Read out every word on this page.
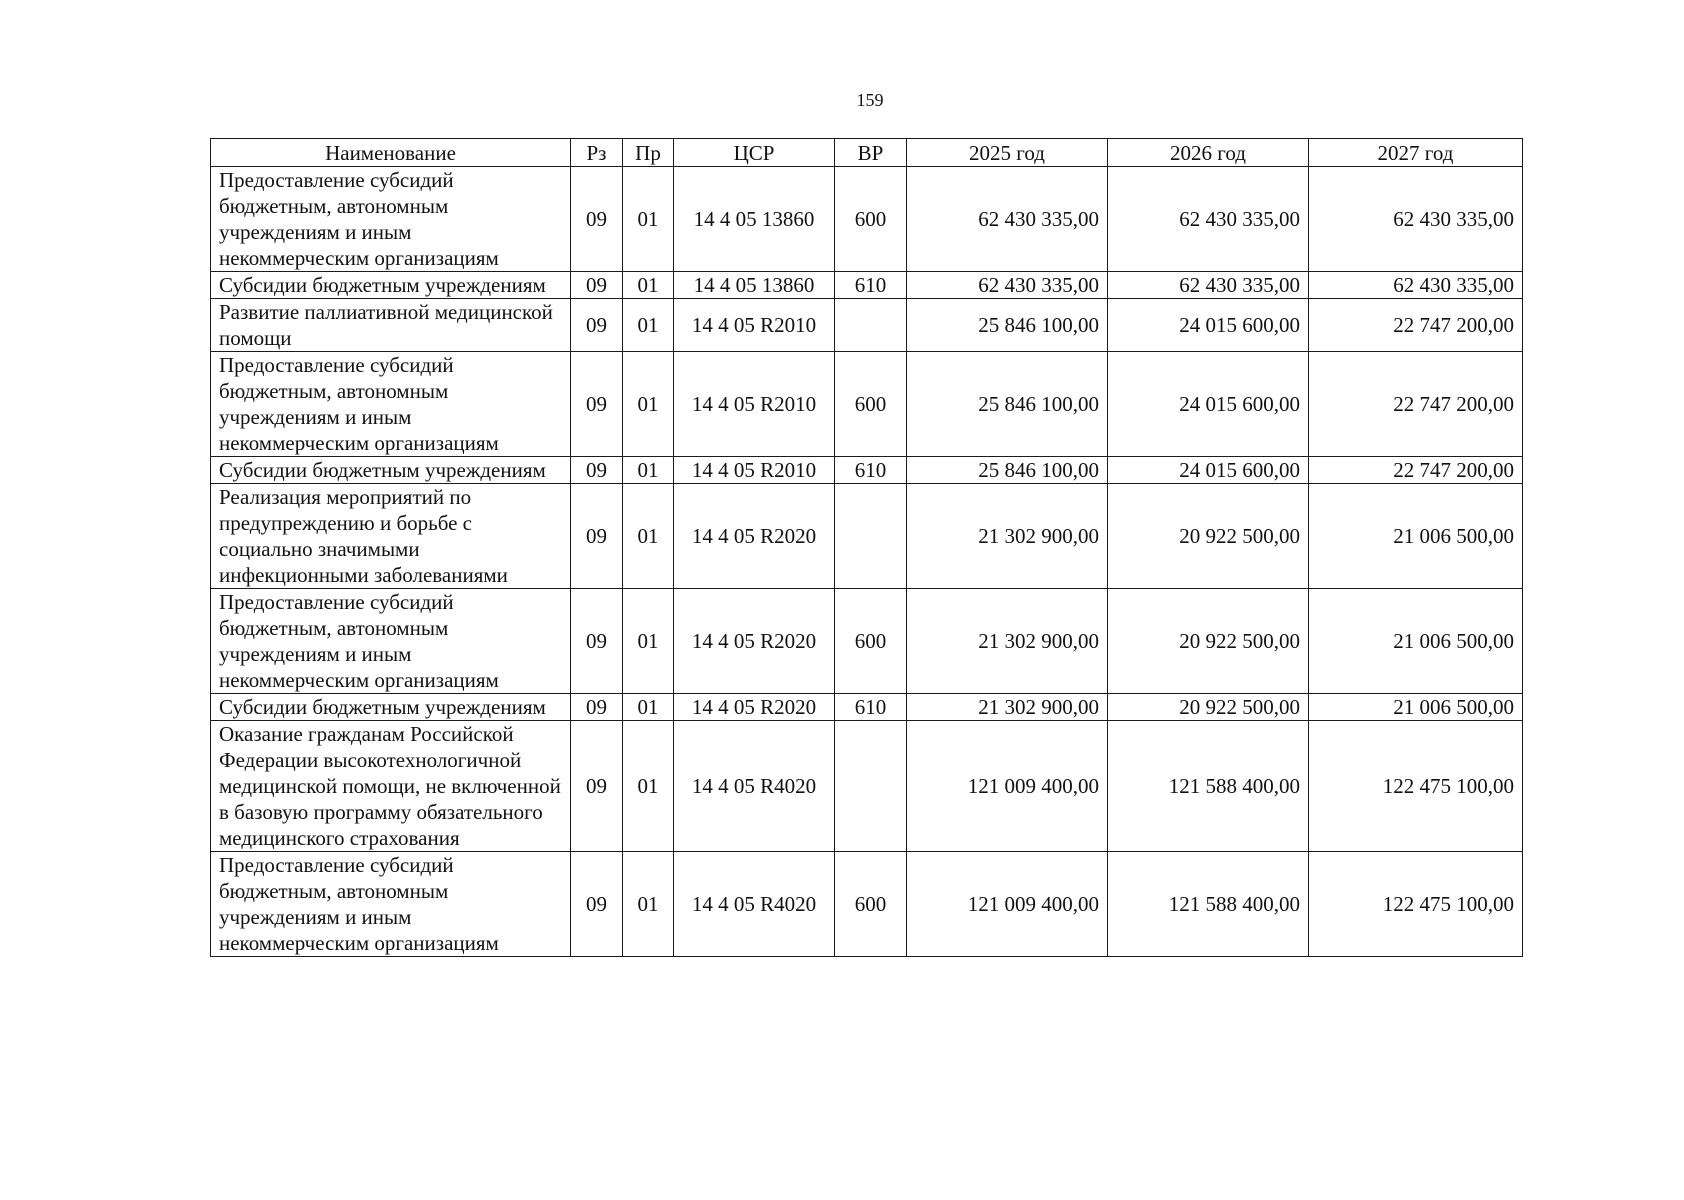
159
Наименование	Рз	Пр	ЦСР	ВР	2025 год	2026 год	2027 год
Предоставление субсидий бюджетным, автономным учреждениям и иным некоммерческим организациям	09	01	14 4 05 13860	600	62 430 335,00	62 430 335,00	62 430 335,00
Субсидии бюджетным учреждениям	09	01	14 4 05 13860	610	62 430 335,00	62 430 335,00	62 430 335,00
Развитие паллиативной медицинской помощи	09	01	14 4 05 R2010		25 846 100,00	24 015 600,00	22 747 200,00
Предоставление субсидий бюджетным, автономным учреждениям и иным некоммерческим организациям	09	01	14 4 05 R2010	600	25 846 100,00	24 015 600,00	22 747 200,00
Субсидии бюджетным учреждениям	09	01	14 4 05 R2010	610	25 846 100,00	24 015 600,00	22 747 200,00
Реализация мероприятий по предупреждению и борьбе с социально значимыми инфекционными заболеваниями	09	01	14 4 05 R2020		21 302 900,00	20 922 500,00	21 006 500,00
Предоставление субсидий бюджетным, автономным учреждениям и иным некоммерческим организациям	09	01	14 4 05 R2020	600	21 302 900,00	20 922 500,00	21 006 500,00
Субсидии бюджетным учреждениям	09	01	14 4 05 R2020	610	21 302 900,00	20 922 500,00	21 006 500,00
Оказание гражданам Российской Федерации высокотехнологичной медицинской помощи, не включенной в базовую программу обязательного медицинского страхования	09	01	14 4 05 R4020		121 009 400,00	121 588 400,00	122 475 100,00
Предоставление субсидий бюджетным, автономным учреждениям и иным некоммерческим организациям	09	01	14 4 05 R4020	600	121 009 400,00	121 588 400,00	122 475 100,00
